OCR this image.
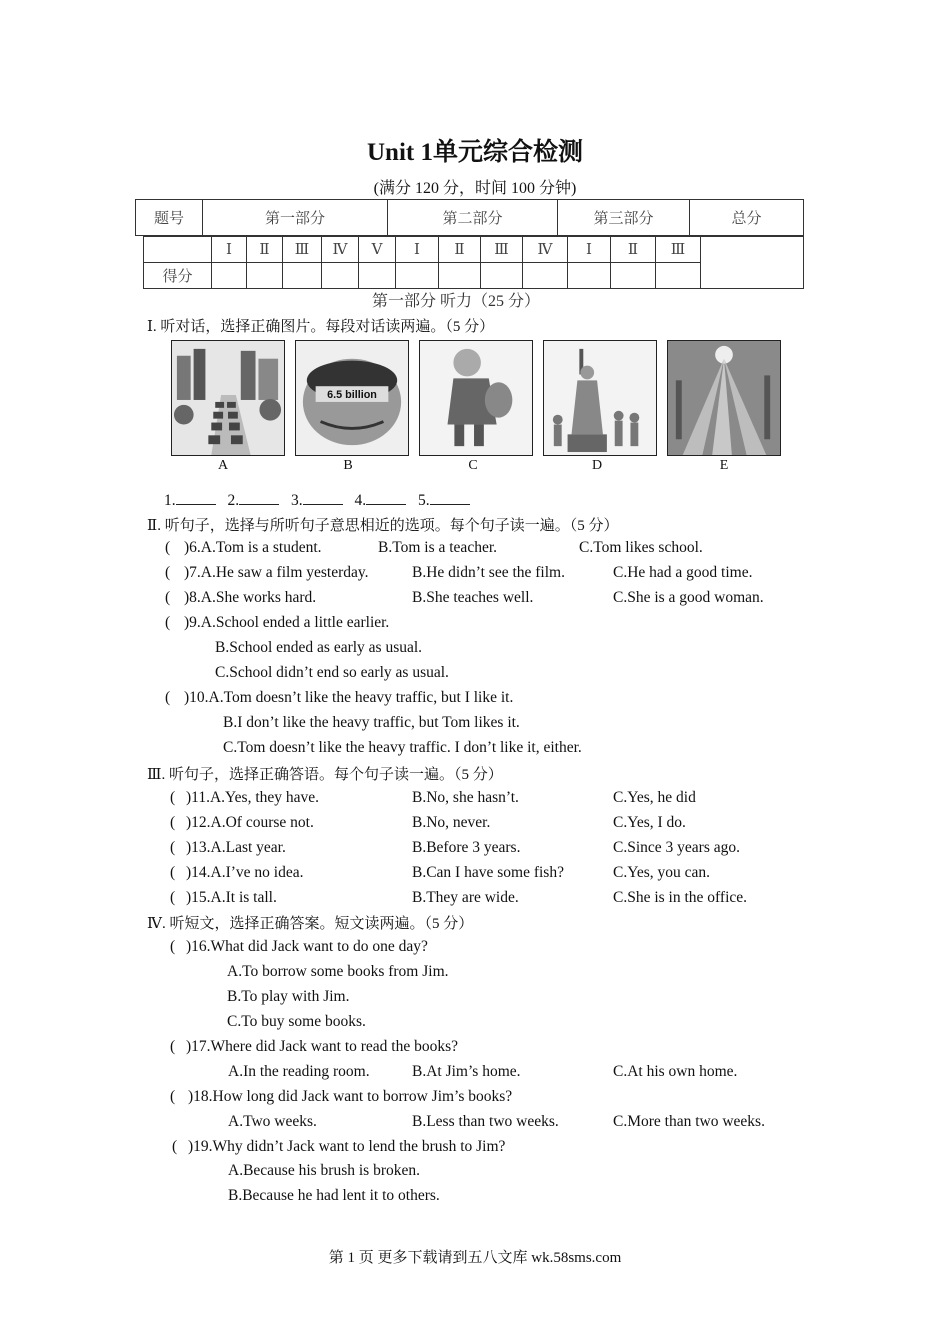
Unit 1单元综合检测
(满分 120 分，时间 100 分钟)
题号	第一部分	第二部分	第三部分	总分
	Ⅰ	Ⅱ	Ⅲ	Ⅳ	Ⅴ	Ⅰ	Ⅱ	Ⅲ	Ⅳ	Ⅰ	Ⅱ	Ⅲ	
得分													
第一部分 听力（25 分）
Ⅰ. 听对话，选择正确图片。每段对话读两遍。（5 分）
6.5 billion
A	B	C	D	E
1.	2.	3.	4.	5.
Ⅱ. 听句子，选择与所听句子意思相近的选项。每个句子读一遍。（5 分）
( )6.A.Tom is a student.	B.Tom is a teacher.	C.Tom likes school.
( )7.A.He saw a film yesterday.	B.He didn’t see the film.	C.He had a good time.
( )8.A.She works hard.	B.She teaches well.	C.She is a good woman.
( )9.A.School ended a little earlier.
B.School ended as early as usual.
C.School didn’t end so early as usual.
( )10.A.Tom doesn’t like the heavy traffic, but I like it.
B.I don’t like the heavy traffic, but Tom likes it.
C.Tom doesn’t like the heavy traffic. I don’t like it, either.
Ⅲ. 听句子，选择正确答语。每个句子读一遍。（5 分）
( )11.A.Yes, they have.	B.No, she hasn’t.	C.Yes, he did
( )12.A.Of course not.	B.No, never.	C.Yes, I do.
( )13.A.Last year.	B.Before 3 years.	C.Since 3 years ago.
( )14.A.I’ve no idea.	B.Can I have some fish?	C.Yes, you can.
( )15.A.It is tall.	B.They are wide.	C.She is in the office.
Ⅳ. 听短文，选择正确答案。短文读两遍。（5 分）
( )16.What did Jack want to do one day?
A.To borrow some books from Jim.
B.To play with Jim.
C.To buy some books.
( )17.Where did Jack want to read the books?
A.In the reading room.	B.At Jim’s home.	C.At his own home.
( )18.How long did Jack want to borrow Jim’s books?
A.Two weeks.	B.Less than two weeks.	C.More than two weeks.
( )19.Why didn’t Jack want to lend the brush to Jim?
A.Because his brush is broken.
B.Because he had lent it to others.
第 1 页 更多下载请到五八文库 wk.58sms.com
